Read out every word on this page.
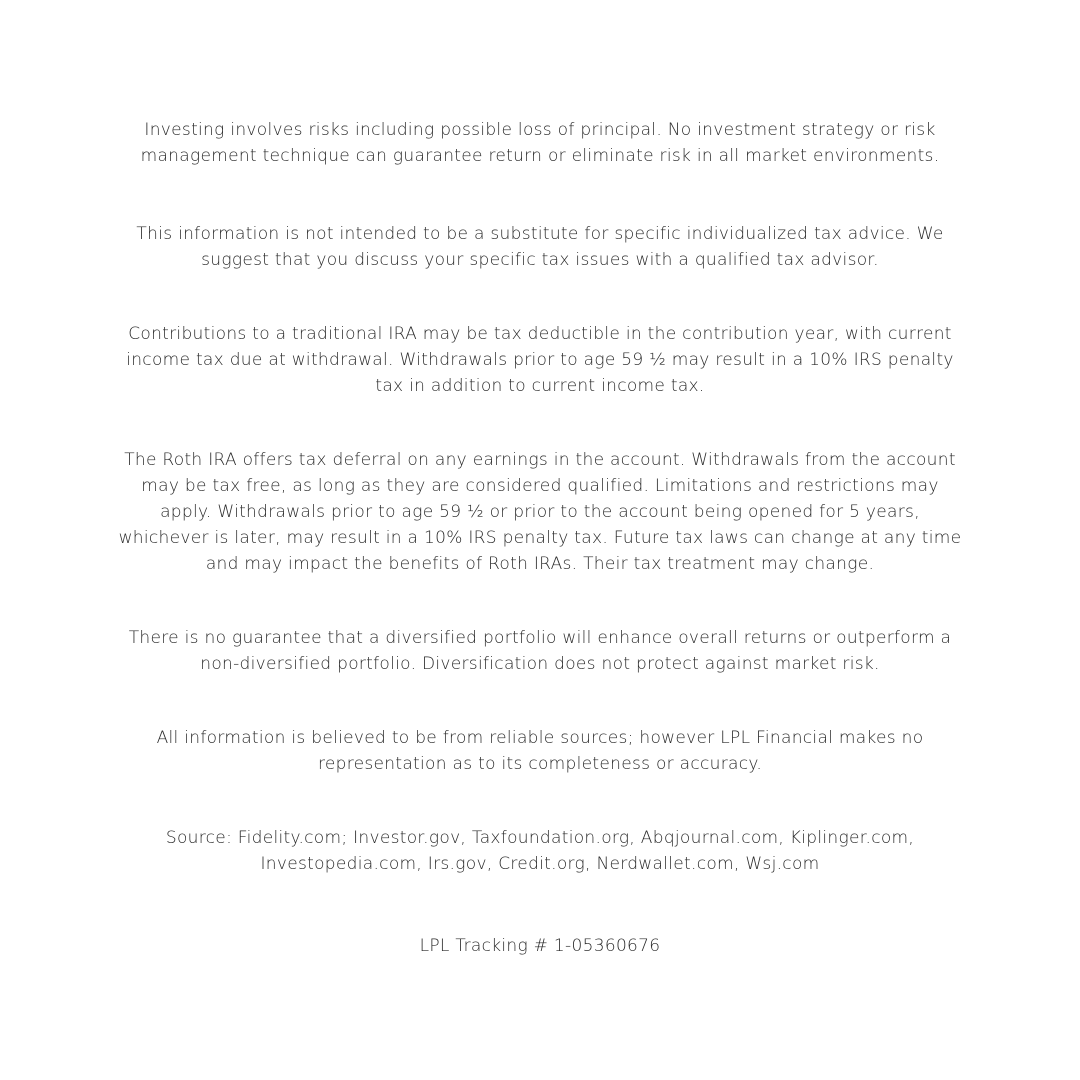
Investing involves risks including possible loss of principal. No investment strategy or risk
management technique can guarantee return or eliminate risk in all market environments.

This information is not intended to be a substitute for specific individualized tax advice. We
suggest that you discuss your specific tax issues with a qualified tax advisor.

Contributions to a traditional IRA may be tax deductible in the contribution year, with current
income tax due at withdrawal. Withdrawals prior to age 59 ½ may result in a 10% IRS penalty
tax in addition to current income tax.

The Roth IRA offers tax deferral on any earnings in the account. Withdrawals from the account
may be tax free, as long as they are considered qualified. Limitations and restrictions may
apply. Withdrawals prior to age 59 ½ or prior to the account being opened for 5 years,
whichever is later, may result in a 10% IRS penalty tax. Future tax laws can change at any time
and may impact the benefits of Roth IRAs. Their tax treatment may change.

There is no guarantee that a diversified portfolio will enhance overall returns or outperform a
non-diversified portfolio. Diversification does not protect against market risk.

All information is believed to be from reliable sources; however LPL Financial makes no
representation as to its completeness or accuracy.

Source: Fidelity.com; Investor.gov, Taxfoundation.org, Abqjournal.com, Kiplinger.com,
Investopedia.com, Irs.gov, Credit.org, Nerdwallet.com, Wsj.com

LPL Tracking # 1-05360676
